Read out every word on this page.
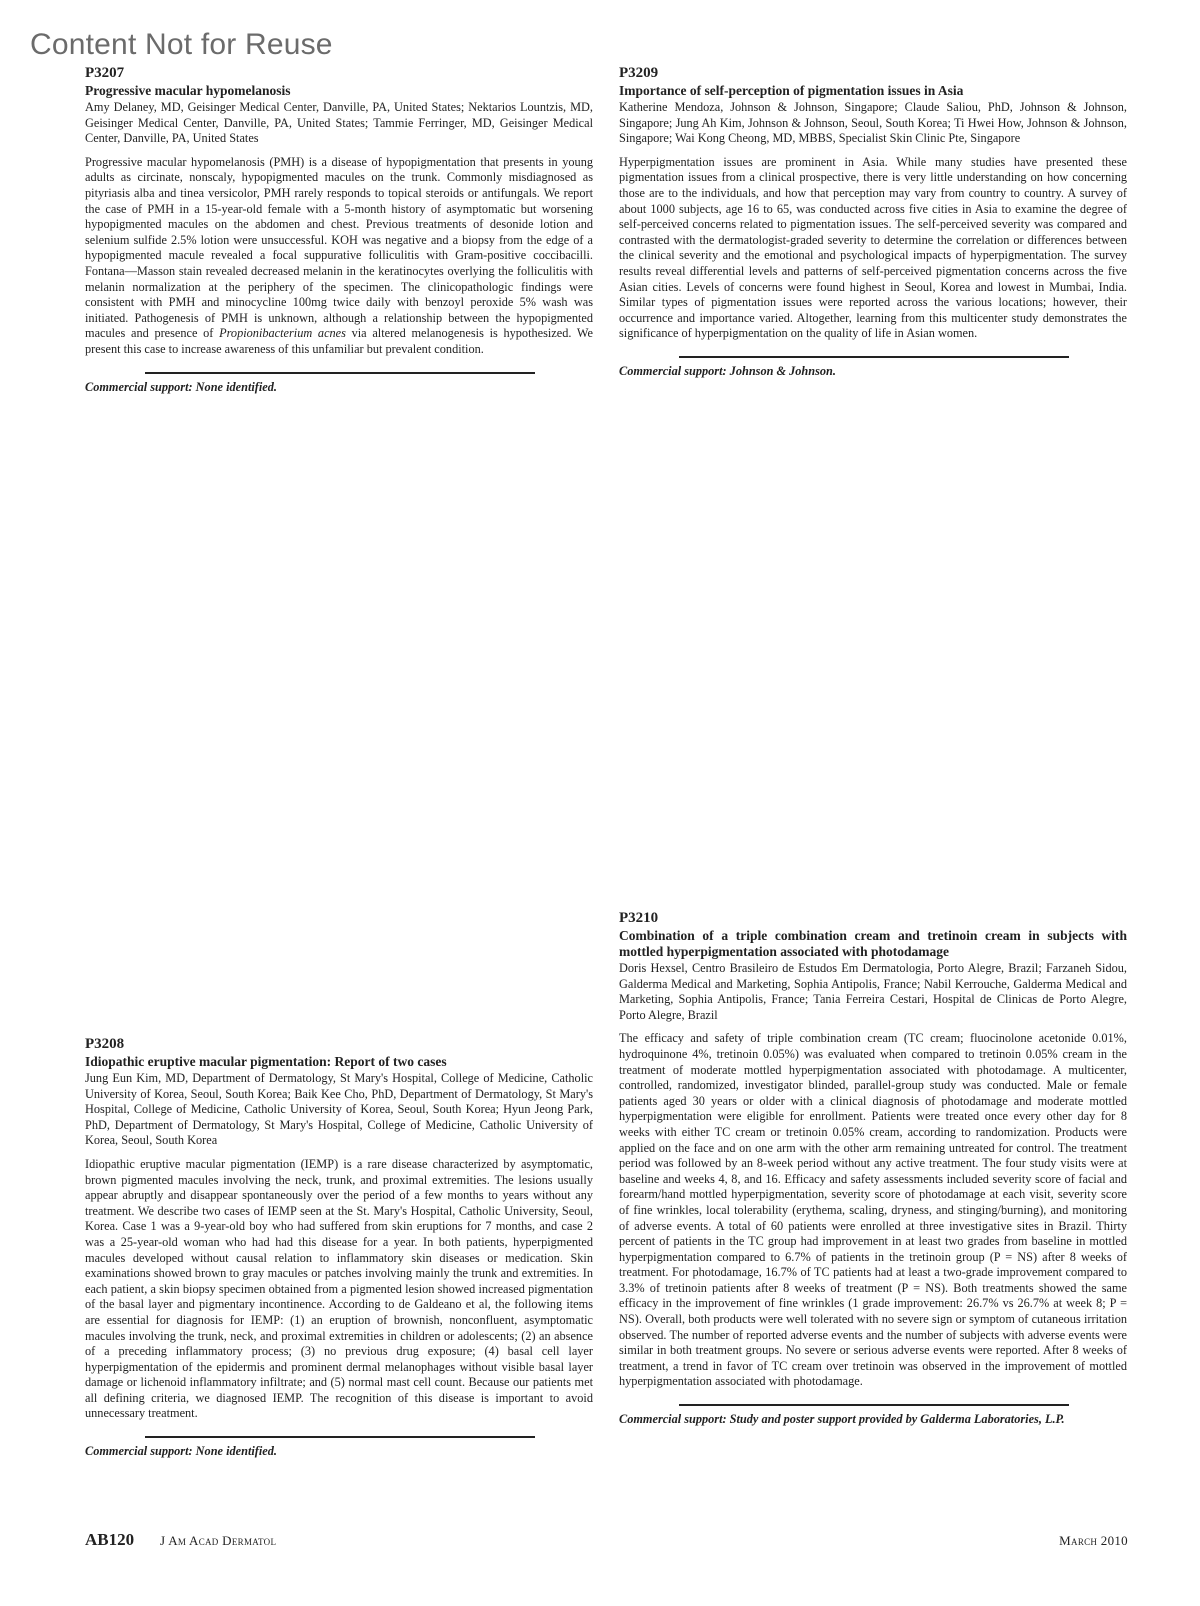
Content Not for Reuse
P3207
Progressive macular hypomelanosis
Amy Delaney, MD, Geisinger Medical Center, Danville, PA, United States; Nektarios Lountzis, MD, Geisinger Medical Center, Danville, PA, United States; Tammie Ferringer, MD, Geisinger Medical Center, Danville, PA, United States
Progressive macular hypomelanosis (PMH) is a disease of hypopigmentation that presents in young adults as circinate, nonscaly, hypopigmented macules on the trunk. Commonly misdiagnosed as pityriasis alba and tinea versicolor, PMH rarely responds to topical steroids or antifungals. We report the case of PMH in a 15-year-old female with a 5-month history of asymptomatic but worsening hypopigmented macules on the abdomen and chest. Previous treatments of desonide lotion and selenium sulfide 2.5% lotion were unsuccessful. KOH was negative and a biopsy from the edge of a hypopigmented macule revealed a focal suppurative folliculitis with Gram-positive coccibacilli. Fontana—Masson stain revealed decreased melanin in the keratinocytes overlying the folliculitis with melanin normalization at the periphery of the specimen. The clinicopathologic findings were consistent with PMH and minocycline 100mg twice daily with benzoyl peroxide 5% wash was initiated. Pathogenesis of PMH is unknown, although a relationship between the hypopigmented macules and presence of Propionibacterium acnes via altered melanogenesis is hypothesized. We present this case to increase awareness of this unfamiliar but prevalent condition.
Commercial support: None identified.
P3209
Importance of self-perception of pigmentation issues in Asia
Katherine Mendoza, Johnson & Johnson, Singapore; Claude Saliou, PhD, Johnson & Johnson, Singapore; Jung Ah Kim, Johnson & Johnson, Seoul, South Korea; Ti Hwei How, Johnson & Johnson, Singapore; Wai Kong Cheong, MD, MBBS, Specialist Skin Clinic Pte, Singapore
Hyperpigmentation issues are prominent in Asia. While many studies have presented these pigmentation issues from a clinical prospective, there is very little understanding on how concerning those are to the individuals, and how that perception may vary from country to country. A survey of about 1000 subjects, age 16 to 65, was conducted across five cities in Asia to examine the degree of self-perceived concerns related to pigmentation issues. The self-perceived severity was compared and contrasted with the dermatologist-graded severity to determine the correlation or differences between the clinical severity and the emotional and psychological impacts of hyperpigmentation. The survey results reveal differential levels and patterns of self-perceived pigmentation concerns across the five Asian cities. Levels of concerns were found highest in Seoul, Korea and lowest in Mumbai, India. Similar types of pigmentation issues were reported across the various locations; however, their occurrence and importance varied. Altogether, learning from this multicenter study demonstrates the significance of hyperpigmentation on the quality of life in Asian women.
Commercial support: Johnson & Johnson.
P3208
Idiopathic eruptive macular pigmentation: Report of two cases
Jung Eun Kim, MD, Department of Dermatology, St Mary's Hospital, College of Medicine, Catholic University of Korea, Seoul, South Korea; Baik Kee Cho, PhD, Department of Dermatology, St Mary's Hospital, College of Medicine, Catholic University of Korea, Seoul, South Korea; Hyun Jeong Park, PhD, Department of Dermatology, St Mary's Hospital, College of Medicine, Catholic University of Korea, Seoul, South Korea
Idiopathic eruptive macular pigmentation (IEMP) is a rare disease characterized by asymptomatic, brown pigmented macules involving the neck, trunk, and proximal extremities. The lesions usually appear abruptly and disappear spontaneously over the period of a few months to years without any treatment. We describe two cases of IEMP seen at the St. Mary's Hospital, Catholic University, Seoul, Korea. Case 1 was a 9-year-old boy who had suffered from skin eruptions for 7 months, and case 2 was a 25-year-old woman who had had this disease for a year. In both patients, hyperpigmented macules developed without causal relation to inflammatory skin diseases or medication. Skin examinations showed brown to gray macules or patches involving mainly the trunk and extremities. In each patient, a skin biopsy specimen obtained from a pigmented lesion showed increased pigmentation of the basal layer and pigmentary incontinence. According to de Galdeano et al, the following items are essential for diagnosis for IEMP: (1) an eruption of brownish, nonconfluent, asymptomatic macules involving the trunk, neck, and proximal extremities in children or adolescents; (2) an absence of a preceding inflammatory process; (3) no previous drug exposure; (4) basal cell layer hyperpigmentation of the epidermis and prominent dermal melanophages without visible basal layer damage or lichenoid inflammatory infiltrate; and (5) normal mast cell count. Because our patients met all defining criteria, we diagnosed IEMP. The recognition of this disease is important to avoid unnecessary treatment.
Commercial support: None identified.
P3210
Combination of a triple combination cream and tretinoin cream in subjects with mottled hyperpigmentation associated with photodamage
Doris Hexsel, Centro Brasileiro de Estudos Em Dermatologia, Porto Alegre, Brazil; Farzaneh Sidou, Galderma Medical and Marketing, Sophia Antipolis, France; Nabil Kerrouche, Galderma Medical and Marketing, Sophia Antipolis, France; Tania Ferreira Cestari, Hospital de Clinicas de Porto Alegre, Porto Alegre, Brazil
The efficacy and safety of triple combination cream (TC cream; fluocinolone acetonide 0.01%, hydroquinone 4%, tretinoin 0.05%) was evaluated when compared to tretinoin 0.05% cream in the treatment of moderate mottled hyperpigmentation associated with photodamage. A multicenter, controlled, randomized, investigator blinded, parallel-group study was conducted. Male or female patients aged 30 years or older with a clinical diagnosis of photodamage and moderate mottled hyperpigmentation were eligible for enrollment. Patients were treated once every other day for 8 weeks with either TC cream or tretinoin 0.05% cream, according to randomization. Products were applied on the face and on one arm with the other arm remaining untreated for control. The treatment period was followed by an 8-week period without any active treatment. The four study visits were at baseline and weeks 4, 8, and 16. Efficacy and safety assessments included severity score of facial and forearm/hand mottled hyperpigmentation, severity score of photodamage at each visit, severity score of fine wrinkles, local tolerability (erythema, scaling, dryness, and stinging/burning), and monitoring of adverse events. A total of 60 patients were enrolled at three investigative sites in Brazil. Thirty percent of patients in the TC group had improvement in at least two grades from baseline in mottled hyperpigmentation compared to 6.7% of patients in the tretinoin group (P = NS) after 8 weeks of treatment. For photodamage, 16.7% of TC patients had at least a two-grade improvement compared to 3.3% of tretinoin patients after 8 weeks of treatment (P = NS). Both treatments showed the same efficacy in the improvement of fine wrinkles (1 grade improvement: 26.7% vs 26.7% at week 8; P = NS). Overall, both products were well tolerated with no severe sign or symptom of cutaneous irritation observed. The number of reported adverse events and the number of subjects with adverse events were similar in both treatment groups. No severe or serious adverse events were reported. After 8 weeks of treatment, a trend in favor of TC cream over tretinoin was observed in the improvement of mottled hyperpigmentation associated with photodamage.
Commercial support: Study and poster support provided by Galderma Laboratories, L.P.
AB120 J Am Acad Dermatol	March 2010
